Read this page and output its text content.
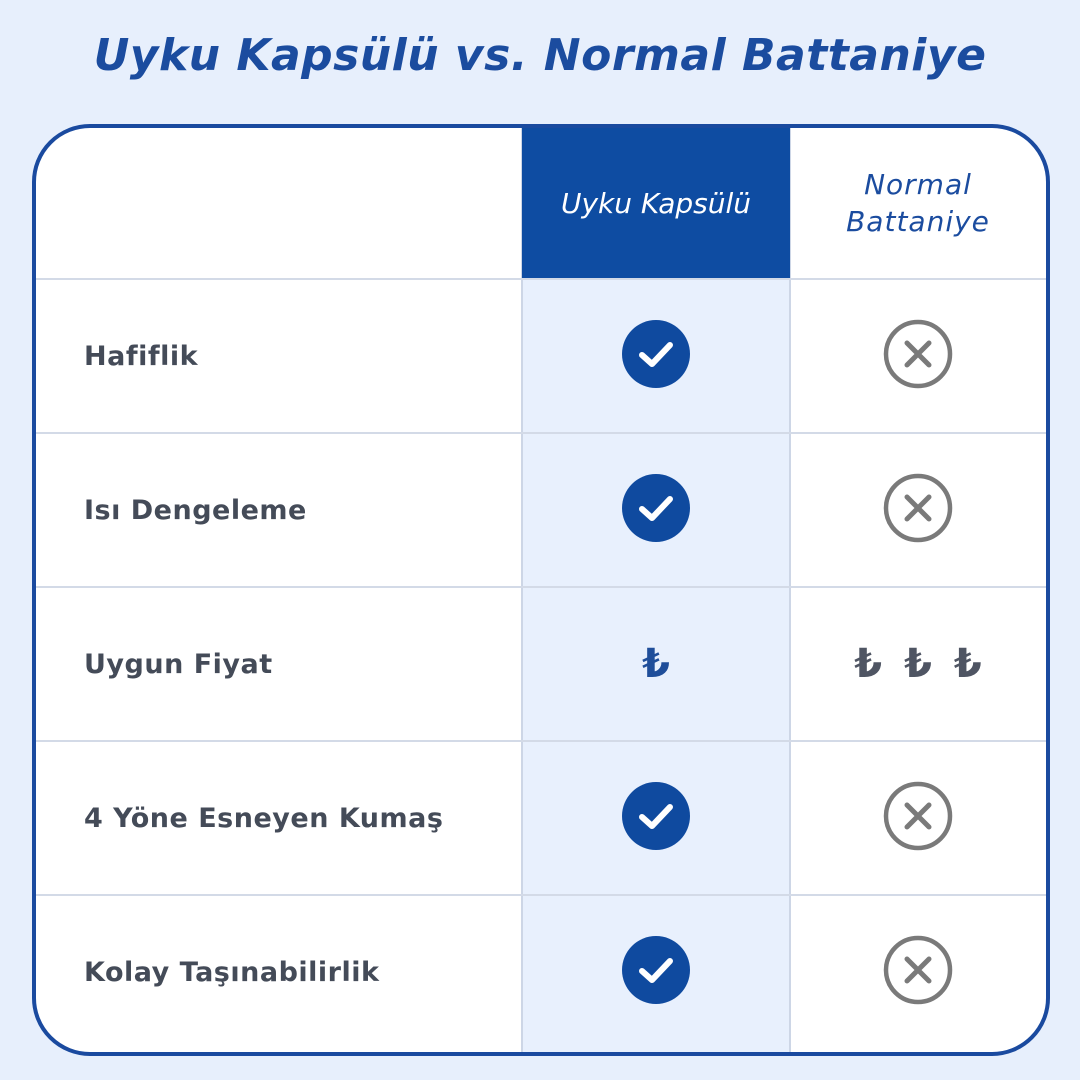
Uyku Kapsülü vs. Normal Battaniye
Uyku Kapsülü
Normal
Battaniye
Hafiflik
Isı Dengeleme
Uygun Fiyat	₺	₺₺₺
4 Yöne Esneyen Kumaş
Kolay Taşınabilirlik
